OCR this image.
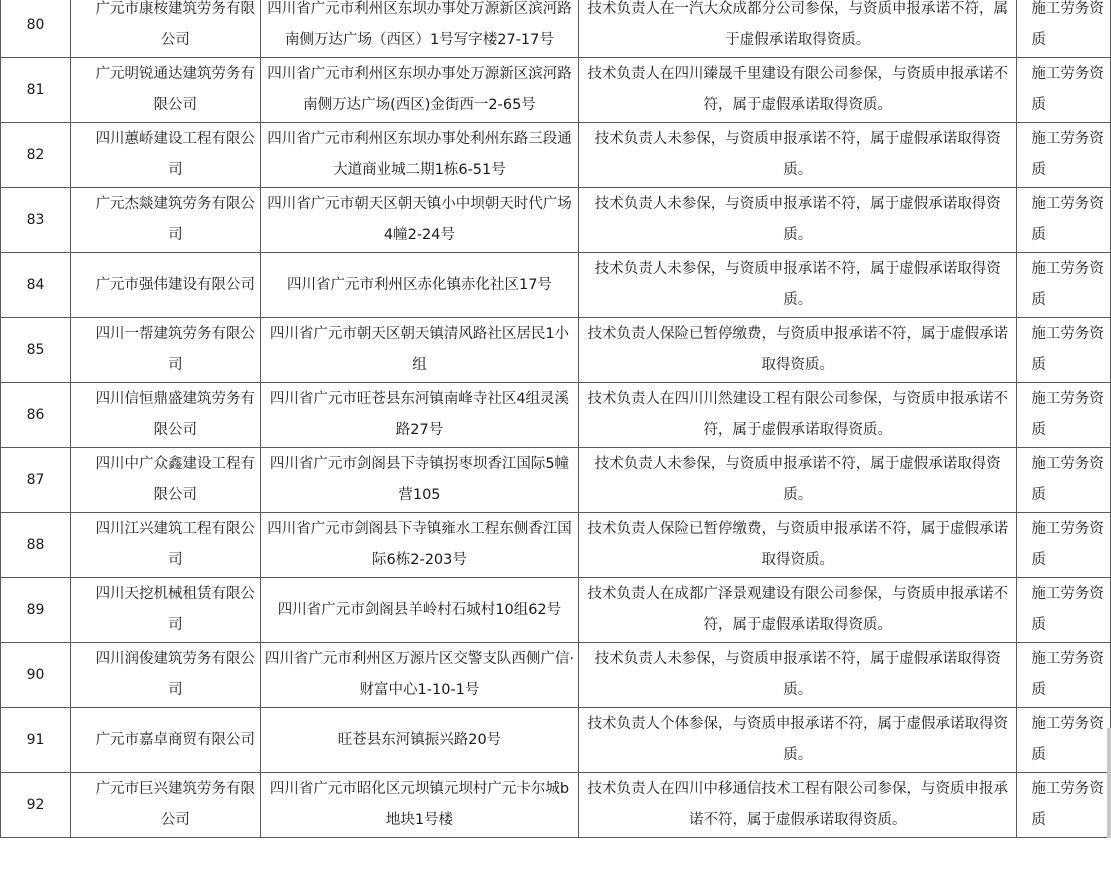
80	广元市康桉建筑劳务有限公司	四川省广元市利州区东坝办事处万源新区滨河路南侧万达广场（西区）1号写字楼27-17号	技术负责人在一汽大众成都分公司参保，与资质申报承诺不符，属于虚假承诺取得资质。	施工劳务资质
81	广元明锐通达建筑劳务有限公司	四川省广元市利州区东坝办事处万源新区滨河路南侧万达广场(西区)金街西一2-65号	技术负责人在四川臻晟千里建设有限公司参保，与资质申报承诺不符，属于虚假承诺取得资质。	施工劳务资质
82	四川蕙峤建设工程有限公司	四川省广元市利州区东坝办事处利州东路三段通大道商业城二期1栋6-51号	技术负责人未参保，与资质申报承诺不符，属于虚假承诺取得资质。	施工劳务资质
83	广元杰燚建筑劳务有限公司	四川省广元市朝天区朝天镇小中坝朝天时代广场4幢2-24号	技术负责人未参保，与资质申报承诺不符，属于虚假承诺取得资质。	施工劳务资质
84	广元市强伟建设有限公司	四川省广元市利州区赤化镇赤化社区17号	技术负责人未参保，与资质申报承诺不符，属于虚假承诺取得资质。	施工劳务资质
85	四川一帮建筑劳务有限公司	四川省广元市朝天区朝天镇清风路社区居民1小组	技术负责人保险已暂停缴费，与资质申报承诺不符，属于虚假承诺取得资质。	施工劳务资质
86	四川信恒鼎盛建筑劳务有限公司	四川省广元市旺苍县东河镇南峰寺社区4组灵溪路27号	技术负责人在四川川然建设工程有限公司参保，与资质申报承诺不符，属于虚假承诺取得资质。	施工劳务资质
87	四川中广众鑫建设工程有限公司	四川省广元市剑阁县下寺镇拐枣坝香江国际5幢营105	技术负责人未参保，与资质申报承诺不符，属于虚假承诺取得资质。	施工劳务资质
88	四川江兴建筑工程有限公司	四川省广元市剑阁县下寺镇雍水工程东侧香江国际6栋2-203号	技术负责人保险已暂停缴费，与资质申报承诺不符，属于虚假承诺取得资质。	施工劳务资质
89	四川天挖机械租赁有限公司	四川省广元市剑阁县羊岭村石城村10组62号	技术负责人在成都广泽景观建设有限公司参保，与资质申报承诺不符，属于虚假承诺取得资质。	施工劳务资质
90	四川润俊建筑劳务有限公司	四川省广元市利州区万源片区交警支队西侧广信·财富中心1-10-1号	技术负责人未参保，与资质申报承诺不符，属于虚假承诺取得资质。	施工劳务资质
91	广元市嘉卓商贸有限公司	旺苍县东河镇振兴路20号	技术负责人个体参保，与资质申报承诺不符，属于虚假承诺取得资质。	施工劳务资质
92	广元市巨兴建筑劳务有限公司	四川省广元市昭化区元坝镇元坝村广元卡尔城b地块1号楼	技术负责人在四川中移通信技术工程有限公司参保，与资质申报承诺不符，属于虚假承诺取得资质。	施工劳务资质
